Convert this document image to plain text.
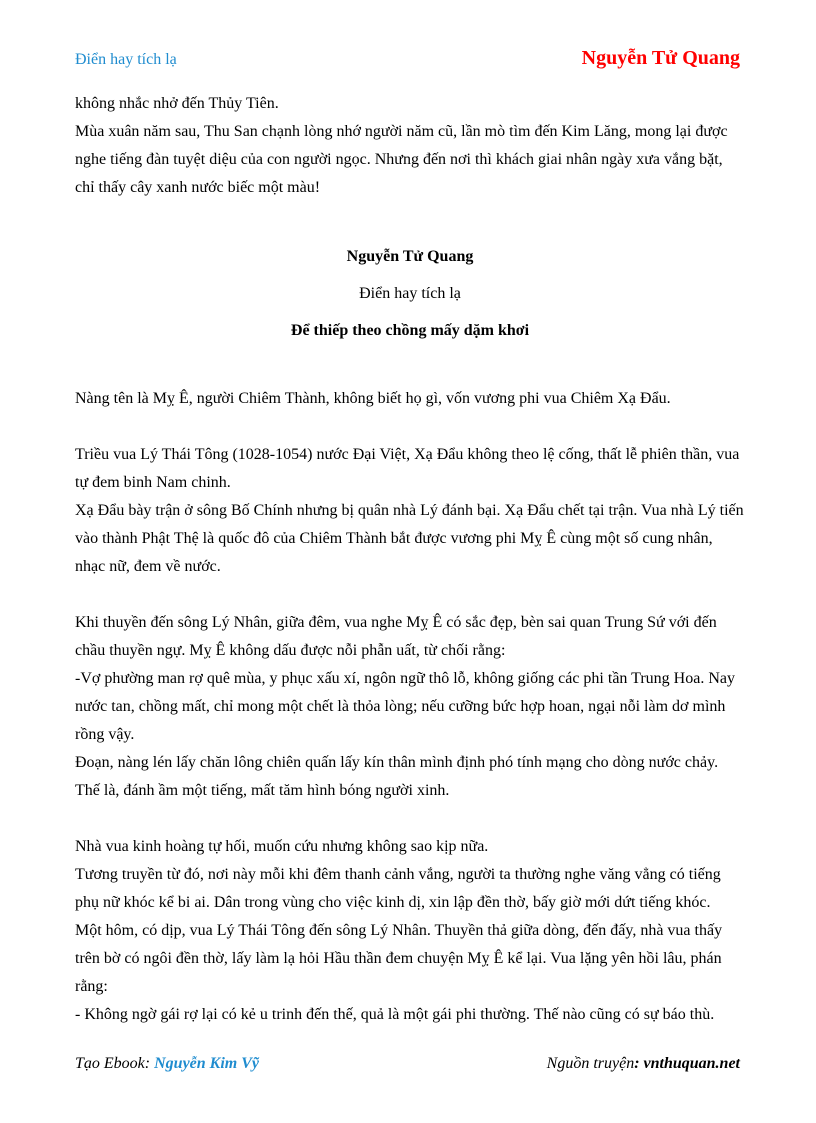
Điển hay tích lạ	Nguyễn Tử Quang

không nhắc nhở đến Thủy Tiên.

Mùa xuân năm sau, Thu San chạnh lòng nhớ người năm cũ, lần mò tìm đến Kim Lăng, mong lại được nghe tiếng đàn tuyệt diệu của con người ngọc. Nhưng đến nơi thì khách giai nhân ngày xưa vắng bặt, chỉ thấy cây xanh nước biếc một màu!

Nguyễn Tử Quang

Điển hay tích lạ

Để thiếp theo chồng mấy dặm khơi

Nàng tên là Mỵ Ê, người Chiêm Thành, không biết họ gì, vốn vương phi vua Chiêm Xạ Đẩu.

Triều vua Lý Thái Tông (1028-1054) nước Đại Việt, Xạ Đẩu không theo lệ cống, thất lễ phiên thần, vua tự đem binh Nam chinh.

Xạ Đẩu bày trận ở sông Bố Chính nhưng bị quân nhà Lý đánh bại. Xạ Đẩu chết tại trận. Vua nhà Lý tiến vào thành Phật Thệ là quốc đô của Chiêm Thành bắt được vương phi Mỵ Ê cùng một số cung nhân, nhạc nữ, đem về nước.

Khi thuyền đến sông Lý Nhân, giữa đêm, vua nghe Mỵ Ê có sắc đẹp, bèn sai quan Trung Sứ với đến chầu thuyền ngự. Mỵ Ê không dấu được nỗi phẫn uất, từ chối rằng:

-Vợ phường man rợ quê mùa, y phục xấu xí, ngôn ngữ thô lỗ, không giống các phi tần Trung Hoa. Nay nước tan, chồng mất, chỉ mong một chết là thỏa lòng; nếu cưỡng bức hợp hoan, ngại nỗi làm dơ mình rồng vậy.

Đoạn, nàng lén lấy chăn lông chiên quấn lấy kín thân mình định phó tính mạng cho dòng nước chảy. Thế là, đánh ầm một tiếng, mất tăm hình bóng người xinh.

Nhà vua kinh hoàng tự hối, muốn cứu nhưng không sao kịp nữa.

Tương truyền từ đó, nơi này mỗi khi đêm thanh cảnh vắng, người ta thường nghe văng vẳng có tiếng phụ nữ khóc kể bi ai. Dân trong vùng cho việc kinh dị, xin lập đền thờ, bấy giờ mới dứt tiếng khóc.

Một hôm, có dịp, vua Lý Thái Tông đến sông Lý Nhân. Thuyền thả giữa dòng, đến đấy, nhà vua thấy trên bờ có ngôi đền thờ, lấy làm lạ hỏi Hầu thần đem chuyện Mỵ Ê kể lại. Vua lặng yên hồi lâu, phán rằng:

- Không ngờ gái rợ lại có kẻ u trinh đến thế, quả là một gái phi thường. Thế nào cũng có sự báo thù.

Tạo Ebook: Nguyễn Kim Vỹ	Nguồn truyện: vnthuquan.net
